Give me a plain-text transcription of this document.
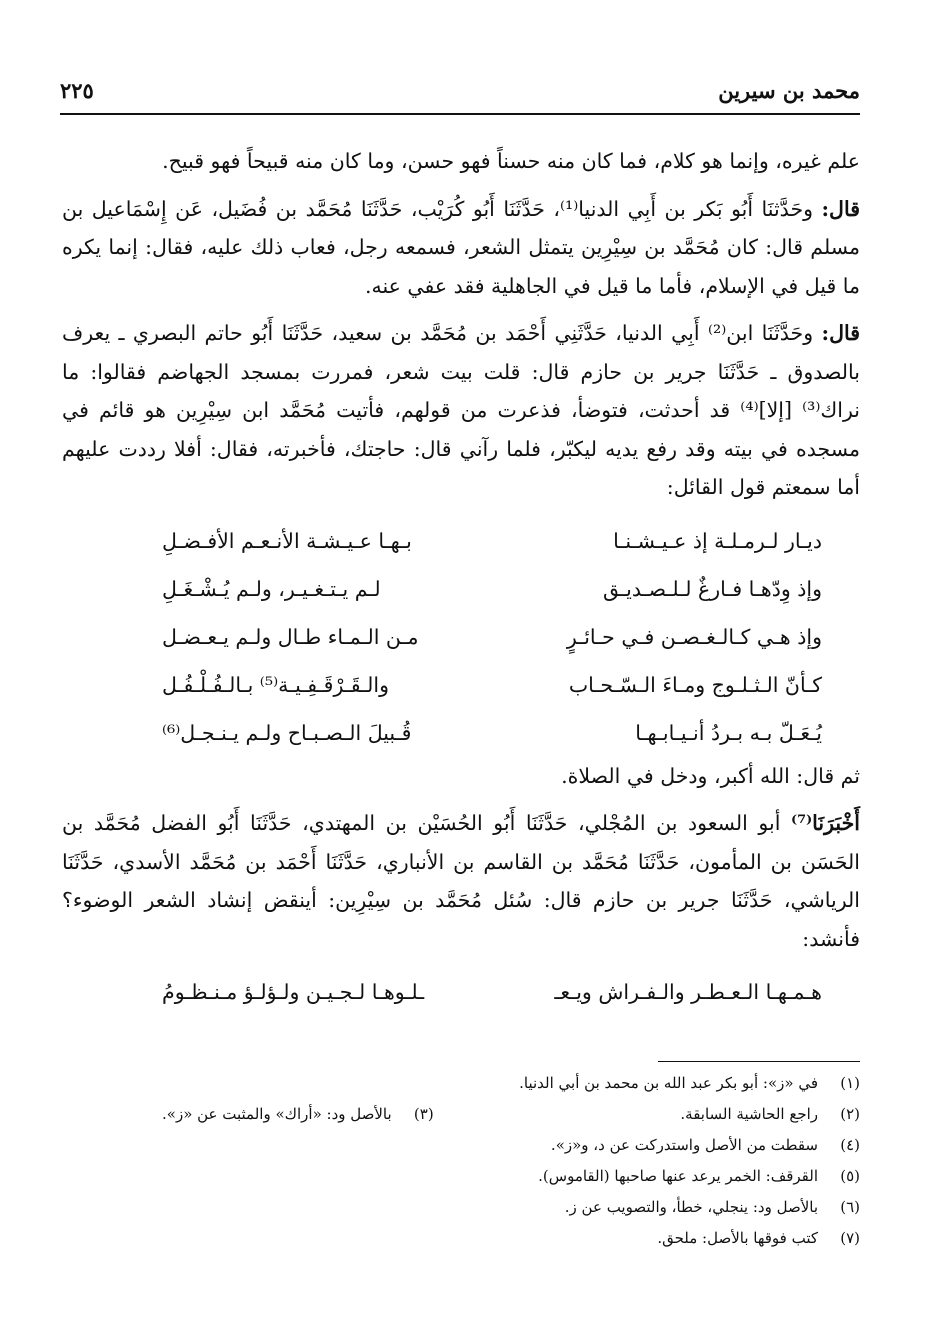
محمد بن سيرين
٢٢٥

علم غيره، وإنما هو كلام، فما كان منه حسناً فهو حسن، وما كان منه قبيحاً فهو قبيح.

قال: وحَدَّثنَا أَبُو بَكر بن أَبِي الدنيا⁽¹⁾، حَدَّثَنَا أَبُو كُرَيْب، حَدَّثَنَا مُحَمَّد بن فُضَيل، عَن إِسْمَاعيل بن مسلم قال: كان مُحَمَّد بن سِيْرِين يتمثل الشعر، فسمعه رجل، فعاب ذلك عليه، فقال: إنما يكره ما قيل في الإسلام، فأما ما قيل في الجاهلية فقد عفي عنه.

قال: وحَدَّثَنَا ابن⁽²⁾ أَبِي الدنيا، حَدَّثَنِي أَحْمَد بن مُحَمَّد بن سعيد، حَدَّثَنَا أَبُو حاتم البصري ـ يعرف بالصدوق ـ حَدَّثَنَا جرير بن حازم قال: قلت بيت شعر، فمررت بمسجد الجهاضم فقالوا: ما نراك⁽³⁾ [إلا]⁽⁴⁾ قد أحدثت، فتوضأ، فذعرت من قولهم، فأتيت مُحَمَّد ابن سِيْرِين هو قائم في مسجده في بيته وقد رفع يديه ليكبّر، فلما رآني قال: حاجتك، فأخبرته، فقال: أفلا رددت عليهم أما سمعتم قول القائل:

ديـار لـرمـلـة إذ عـيـشـنـا
بـهـا عـيـشـة الأنـعـم الأفـضـلِ
وإذ وِدّهـا فـارغٌ لـلـصـديـق
لـم يـتـغـيـر، ولـم يُـشْـغَـلِ
وإذ هـي كـالـغـصـن فـي حـائـرٍ
مـن الـمـاء طـال ولـم يـعـضـل
كـأنّ الـثـلـوج ومـاءَ الـسّـحـاب
والـقَـرْقَـفِـيـة⁽⁵⁾ بـالـفُـلْـفُـل
يُـعَـلّ بـه بـردُ أنـيـابـهـا
قُـبيلَ الـصـبـاح ولـم يـنـجـل⁽⁶⁾

ثم قال: الله أكبر، ودخل في الصلاة.

أَخْبَرَنَا⁽⁷⁾ أبو السعود بن المُجْلي، حَدَّثَنَا أَبُو الحُسَيْن بن المهتدي، حَدَّثَنَا أَبُو الفضل مُحَمَّد بن الحَسَن بن المأمون، حَدَّثَنَا مُحَمَّد بن القاسم بن الأنباري، حَدَّثَنَا أَحْمَد بن مُحَمَّد الأسدي، حَدَّثَنَا الرياشي، حَدَّثَنَا جرير بن حازم قال: سُئل مُحَمَّد بن سِيْرِين: أينقض إنشاد الشعر الوضوء؟ فأنشد:

هـمـهـا الـعـطـر والـفـراش ويـعـ
ـلـوهـا لـجـيـن ولـؤلـؤ مـنـظـومُ
(١)
في «ز»: أبو بكر عبد الله بن محمد بن أبي الدنيا.
(٢)
راجع الحاشية السابقة.
(٣)
بالأصل ود: «أراك» والمثبت عن «ز».
(٤)
سقطت من الأصل واستدركت عن د، و«ز».
(٥)
القرقف: الخمر يرعد عنها صاحبها (القاموس).
(٦)
بالأصل ود: ينجلي، خطأ، والتصويب عن ز.
(٧)
كتب فوقها بالأصل: ملحق.
